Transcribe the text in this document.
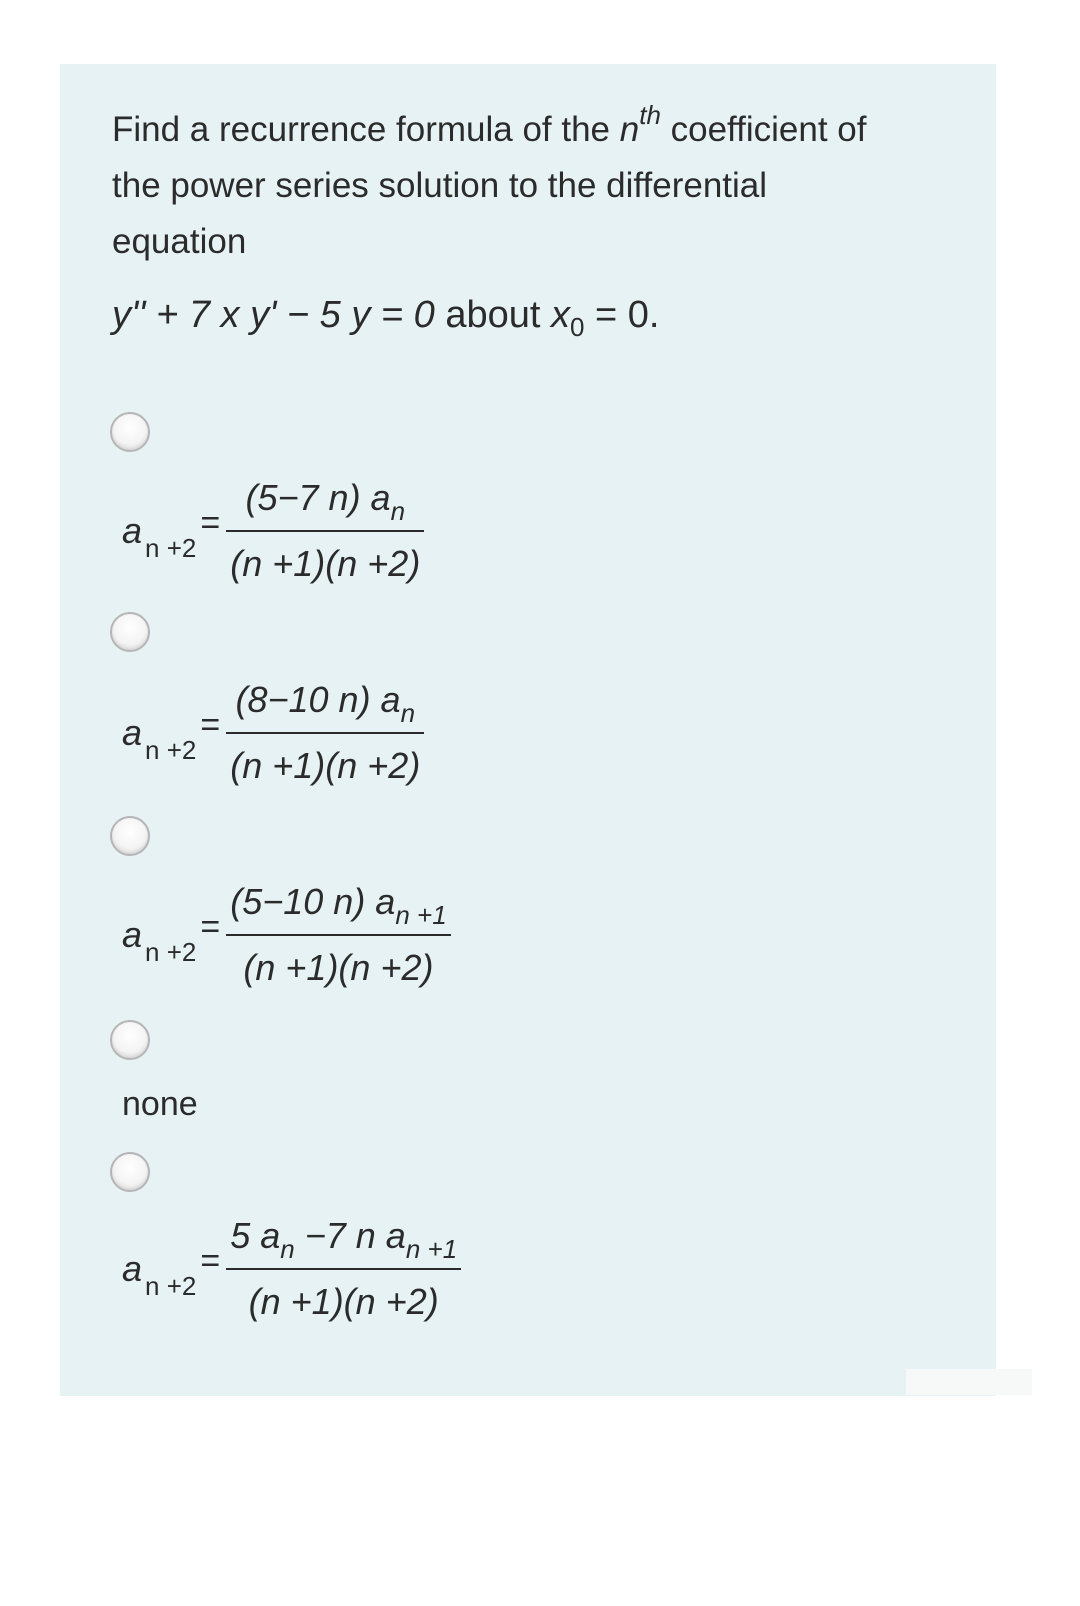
Find a recurrence formula of the $n^{th}$ coefficient of
the power series solution to the differential
equation
y'' + 7 x y' − 5 y = 0 about $x_0 = 0$.
a n +2
= $\frac{(5-7 n) a_n}{(n +1)(n +2)}$
a n +2
= $\frac{(8-10 n) a_n}{(n +1)(n +2)}$
a n +2
= $\frac{(5-10 n) a_{n +1}}{(n +1)(n +2)}$
none
a n +2
= $\frac{5 a_n -7 n a_{n +1}}{(n +1)(n +2)}$
